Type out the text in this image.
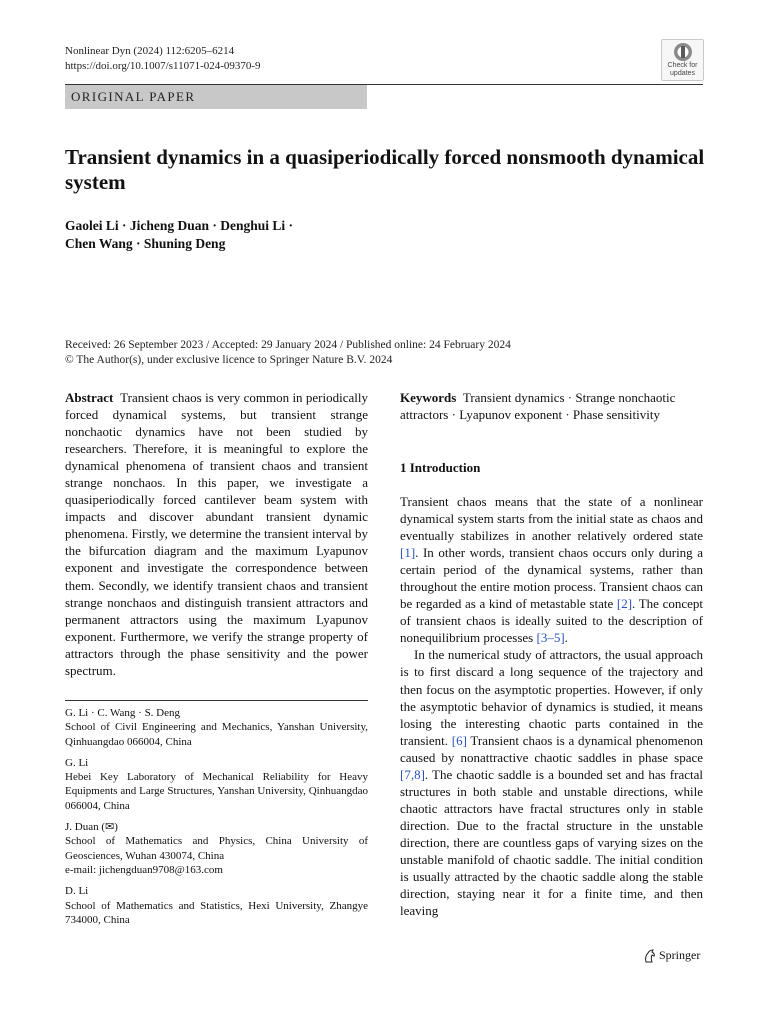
Nonlinear Dyn (2024) 112:6205–6214
https://doi.org/10.1007/s11071-024-09370-9	Check for
updates
ORIGINAL PAPER
Transient dynamics in a quasiperiodically forced nonsmooth dynamical system
Gaolei Li · Jicheng Duan · Denghui Li ·
Chen Wang · Shuning Deng
Received: 26 September 2023 / Accepted: 29 January 2024 / Published online: 24 February 2024
© The Author(s), under exclusive licence to Springer Nature B.V. 2024
Abstract Transient chaos is very common in periodically forced dynamical systems, but transient strange nonchaotic dynamics have not been studied by researchers. Therefore, it is meaningful to explore the dynamical phenomena of transient chaos and transient strange nonchaos. In this paper, we investigate a quasiperiodically forced cantilever beam system with impacts and discover abundant transient dynamic phenomena. Firstly, we determine the transient interval by the bifurcation diagram and the maximum Lyapunov exponent and investigate the correspondence between them. Secondly, we identify transient chaos and transient strange nonchaos and distinguish transient attractors and permanent attractors using the maximum Lyapunov exponent. Furthermore, we verify the strange property of attractors through the phase sensitivity and the power spectrum.
G. Li · C. Wang · S. Deng
School of Civil Engineering and Mechanics, Yanshan University, Qinhuangdao 066004, China
G. Li
Hebei Key Laboratory of Mechanical Reliability for Heavy Equipments and Large Structures, Yanshan University, Qinhuangdao 066004, China
J. Duan (✉)
School of Mathematics and Physics, China University of Geosciences, Wuhan 430074, China
e-mail: jichengduan9708@163.com
D. Li
School of Mathematics and Statistics, Hexi University, Zhangye 734000, China
Keywords Transient dynamics · Strange nonchaotic attractors · Lyapunov exponent · Phase sensitivity
1 Introduction

Transient chaos means that the state of a nonlinear dynamical system starts from the initial state as chaos and eventually stabilizes in another relatively ordered state [1]. In other words, transient chaos occurs only during a certain period of the dynamical systems, rather than throughout the entire motion process. Transient chaos can be regarded as a kind of metastable state [2]. The concept of transient chaos is ideally suited to the description of nonequilibrium processes [3–5].

In the numerical study of attractors, the usual approach is to first discard a long sequence of the trajectory and then focus on the asymptotic properties. However, if only the asymptotic behavior of dynamics is studied, it means losing the interesting chaotic parts contained in the transient. [6] Transient chaos is a dynamical phenomenon caused by nonattractive chaotic saddles in phase space [7,8]. The chaotic saddle is a bounded set and has fractal structures in both stable and unstable directions, while chaotic attractors have fractal structures only in stable direction. Due to the fractal structure in the unstable direction, there are countless gaps of varying sizes on the unstable manifold of chaotic saddle. The initial condition is usually attracted by the chaotic saddle along the stable direction, staying near it for a finite time, and then leaving

Springer
